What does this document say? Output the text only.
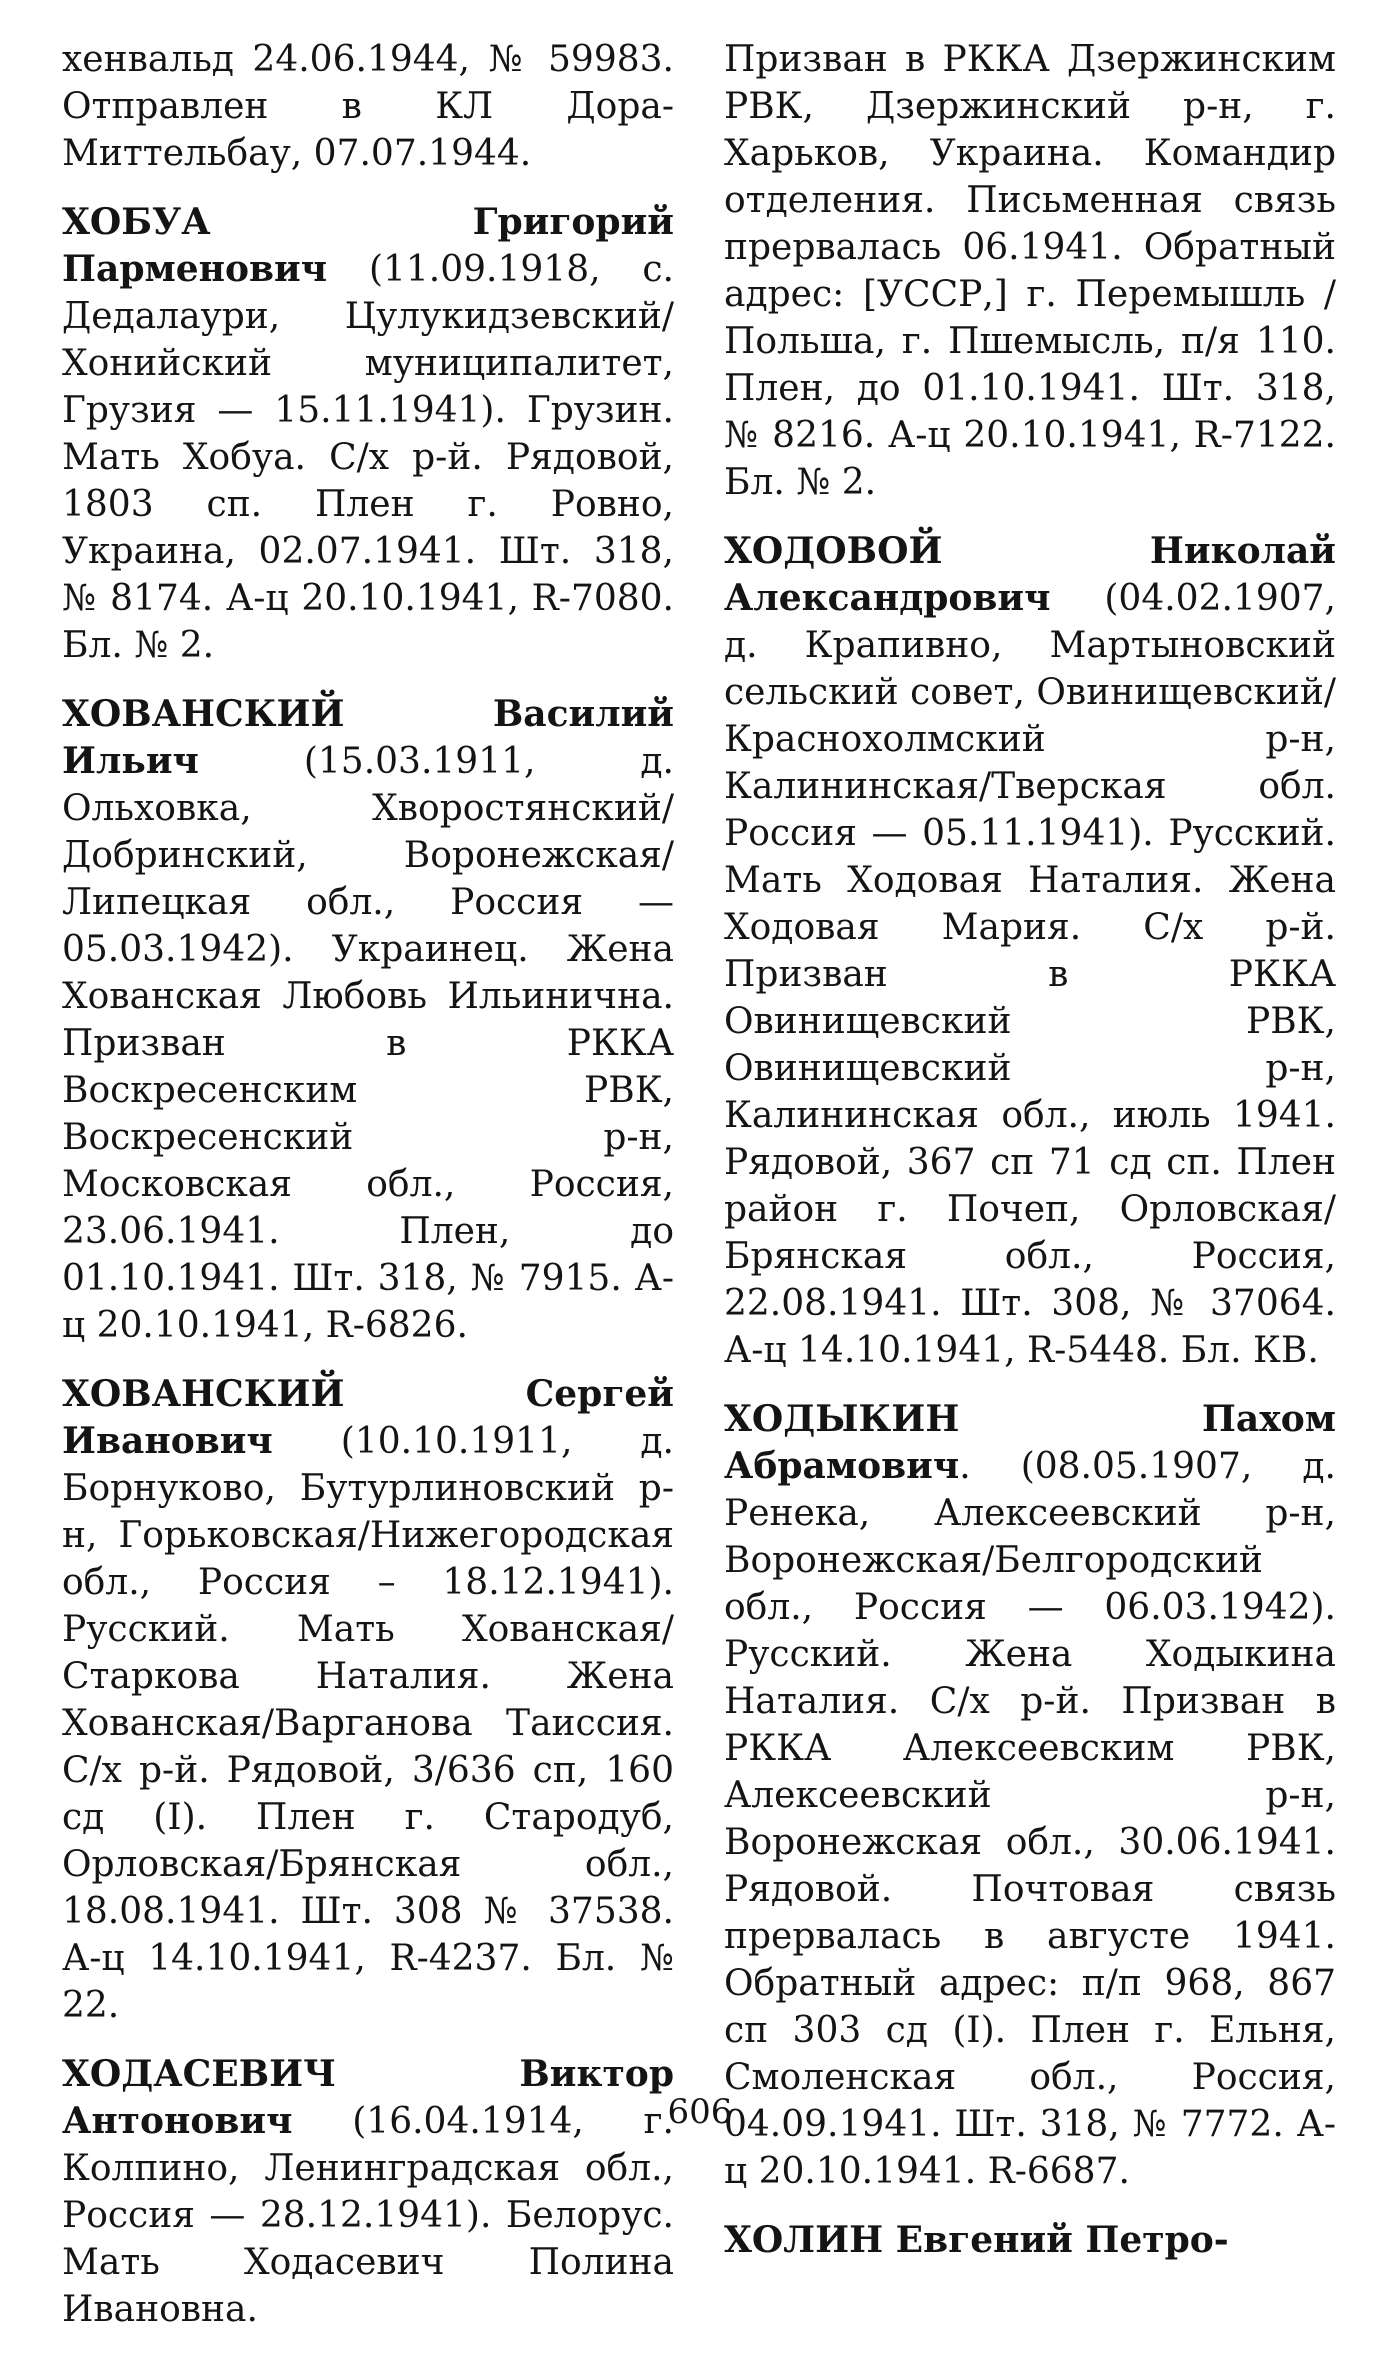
хенвальд 24.06.1944, № 59983. Отправлен в КЛ Дора-Миттельбау, 07.07.1944.

ХОБУА Григорий Парменович (11.09.1918, с. Дедалаури, Цулукидзевский/Хонийский муниципалитет, Грузия — 15.11.1941). Грузин. Мать Хобуа. С/х р-й. Рядовой, 1803 сп. Плен г. Ровно, Украина, 02.07.1941. Шт. 318, № 8174. А-ц 20.10.1941, R-7080. Бл. № 2.

ХОВАНСКИЙ Василий Ильич (15.03.1911, д. Ольховка, Хворостянский/Добринский, Воронежская/Липецкая обл., Россия — 05.03.1942). Украинец. Жена Хованская Любовь Ильинична. Призван в РККА Воскресенским РВК, Воскресенский р-н, Московская обл., Россия, 23.06.1941. Плен, до 01.10.1941. Шт. 318, № 7915. А-ц 20.10.1941, R-6826.

ХОВАНСКИЙ Сергей Иванович (10.10.1911, д. Борнуково, Бутурлиновский р-н, Горьковская/Нижегородская обл., Россия – 18.12.1941). Русский. Мать Хованская/Старкова Наталия. Жена Хованская/Варганова Таиссия. С/х р-й. Рядовой, 3/636 сп, 160 сд (I). Плен г. Стародуб, Орловская/Брянская обл., 18.08.1941. Шт. 308 № 37538. А-ц 14.10.1941, R-4237. Бл. № 22.

ХОДАСЕВИЧ Виктор Антонович (16.04.1914, г. Колпино, Ленинградская обл., Россия — 28.12.1941). Белорус. Мать Ходасевич Полина Ивановна.

Призван в РККА Дзержинским РВК, Дзержинский р-н, г. Харьков, Украина. Командир отделения. Письменная связь прервалась 06.1941. Обратный адрес: [УССР,] г. Перемышль / Польша, г. Пшемысль, п/я 110. Плен, до 01.10.1941. Шт. 318, № 8216. А-ц 20.10.1941, R-7122. Бл. № 2.

ХОДОВОЙ Николай Александрович (04.02.1907, д. Крапивно, Мартыновский сельский совет, Овинищевский/Краснохолмский р-н, Калининская/Тверская обл. Россия — 05.11.1941). Русский. Мать Ходовая Наталия. Жена Ходовая Мария. С/х р-й. Призван в РККА Овинищевский РВК, Овинищевский р-н, Калининская обл., июль 1941. Рядовой, 367 сп 71 сд сп. Плен район г. Почеп, Орловская/Брянская обл., Россия, 22.08.1941. Шт. 308, № 37064. А-ц 14.10.1941, R-5448. Бл. КВ.

ХОДЫКИН Пахом Абрамович. (08.05.1907, д. Ренека, Алексеевский р-н, Воронежская/Белгородский обл., Россия — 06.03.1942). Русский. Жена Ходыкина Наталия. С/х р-й. Призван в РККА Алексеевским РВК, Алексеевский р-н, Воронежская обл., 30.06.1941. Рядовой. Почтовая связь прервалась в августе 1941. Обратный адрес: п/п 968, 867 сп 303 сд (I). Плен г. Ельня, Смоленская обл., Россия, 04.09.1941. Шт. 318, № 7772. А-ц 20.10.1941. R-6687.

ХОЛИН Евгений Петро-

606
